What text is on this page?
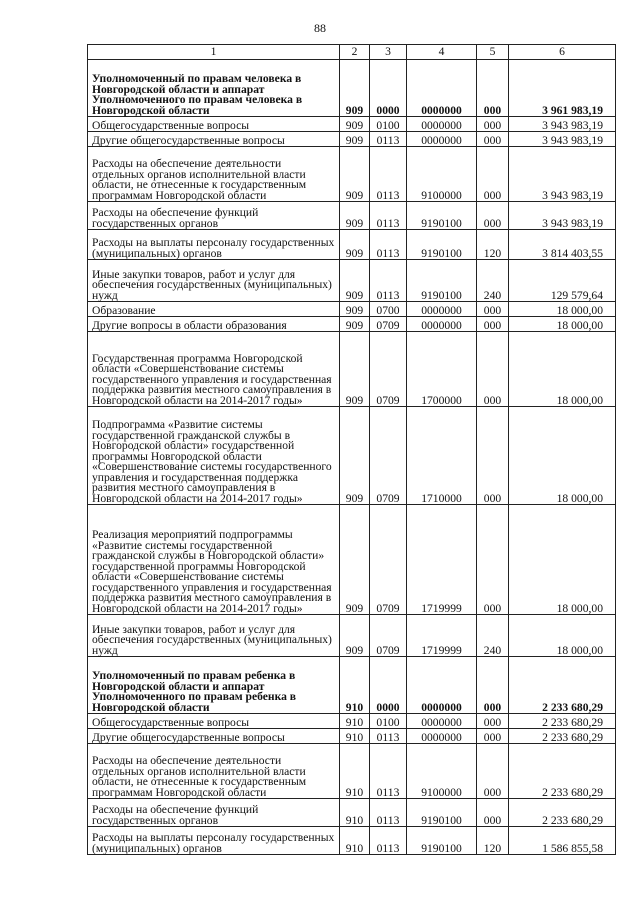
88
1	2	3	4	5	6
Уполномоченный по правам человека в Новгородской области и аппарат Уполномоченного по правам человека в Новгородской области	909	0000	0000000	000	3 961 983,19
Общегосударственные вопросы	909	0100	0000000	000	3 943 983,19
Другие общегосударственные вопросы	909	0113	0000000	000	3 943 983,19
Расходы на обеспечение деятельности отдельных органов исполнительной власти области, не отнесенные к государственным программам Новгородской области	909	0113	9100000	000	3 943 983,19
Расходы на обеспечение функций государственных органов	909	0113	9190100	000	3 943 983,19
Расходы на выплаты персоналу государственных (муниципальных) органов	909	0113	9190100	120	3 814 403,55
Иные закупки товаров, работ и услуг для обеспечения государственных (муниципальных) нужд	909	0113	9190100	240	129 579,64
Образование	909	0700	0000000	000	18 000,00
Другие вопросы в области образования	909	0709	0000000	000	18 000,00
Государственная программа Новгородской области «Совершенствование системы государственного управления и государственная поддержка развития местного самоуправления в Новгородской области на 2014-2017 годы»	909	0709	1700000	000	18 000,00
Подпрограмма «Развитие системы государственной гражданской службы в Новгородской области» государственной программы Новгородской области «Совершенствование системы государственного управления и государственная поддержка развития местного самоуправления в Новгородской области на 2014-2017 годы»	909	0709	1710000	000	18 000,00
Реализация мероприятий подпрограммы «Развитие системы государственной гражданской службы в Новгородской области» государственной программы Новгородской области «Совершенствование системы государственного управления и государственная поддержка развития местного самоуправления в Новгородской области на 2014-2017 годы»	909	0709	1719999	000	18 000,00
Иные закупки товаров, работ и услуг для обеспечения государственных (муниципальных) нужд	909	0709	1719999	240	18 000,00
Уполномоченный по правам ребенка в Новгородской области и аппарат Уполномоченного по правам ребенка в Новгородской области	910	0000	0000000	000	2 233 680,29
Общегосударственные вопросы	910	0100	0000000	000	2 233 680,29
Другие общегосударственные вопросы	910	0113	0000000	000	2 233 680,29
Расходы на обеспечение деятельности отдельных органов исполнительной власти области, не отнесенные к государственным программам Новгородской области	910	0113	9100000	000	2 233 680,29
Расходы на обеспечение функций государственных органов	910	0113	9190100	000	2 233 680,29
Расходы на выплаты персоналу государственных (муниципальных) органов	910	0113	9190100	120	1 586 855,58
